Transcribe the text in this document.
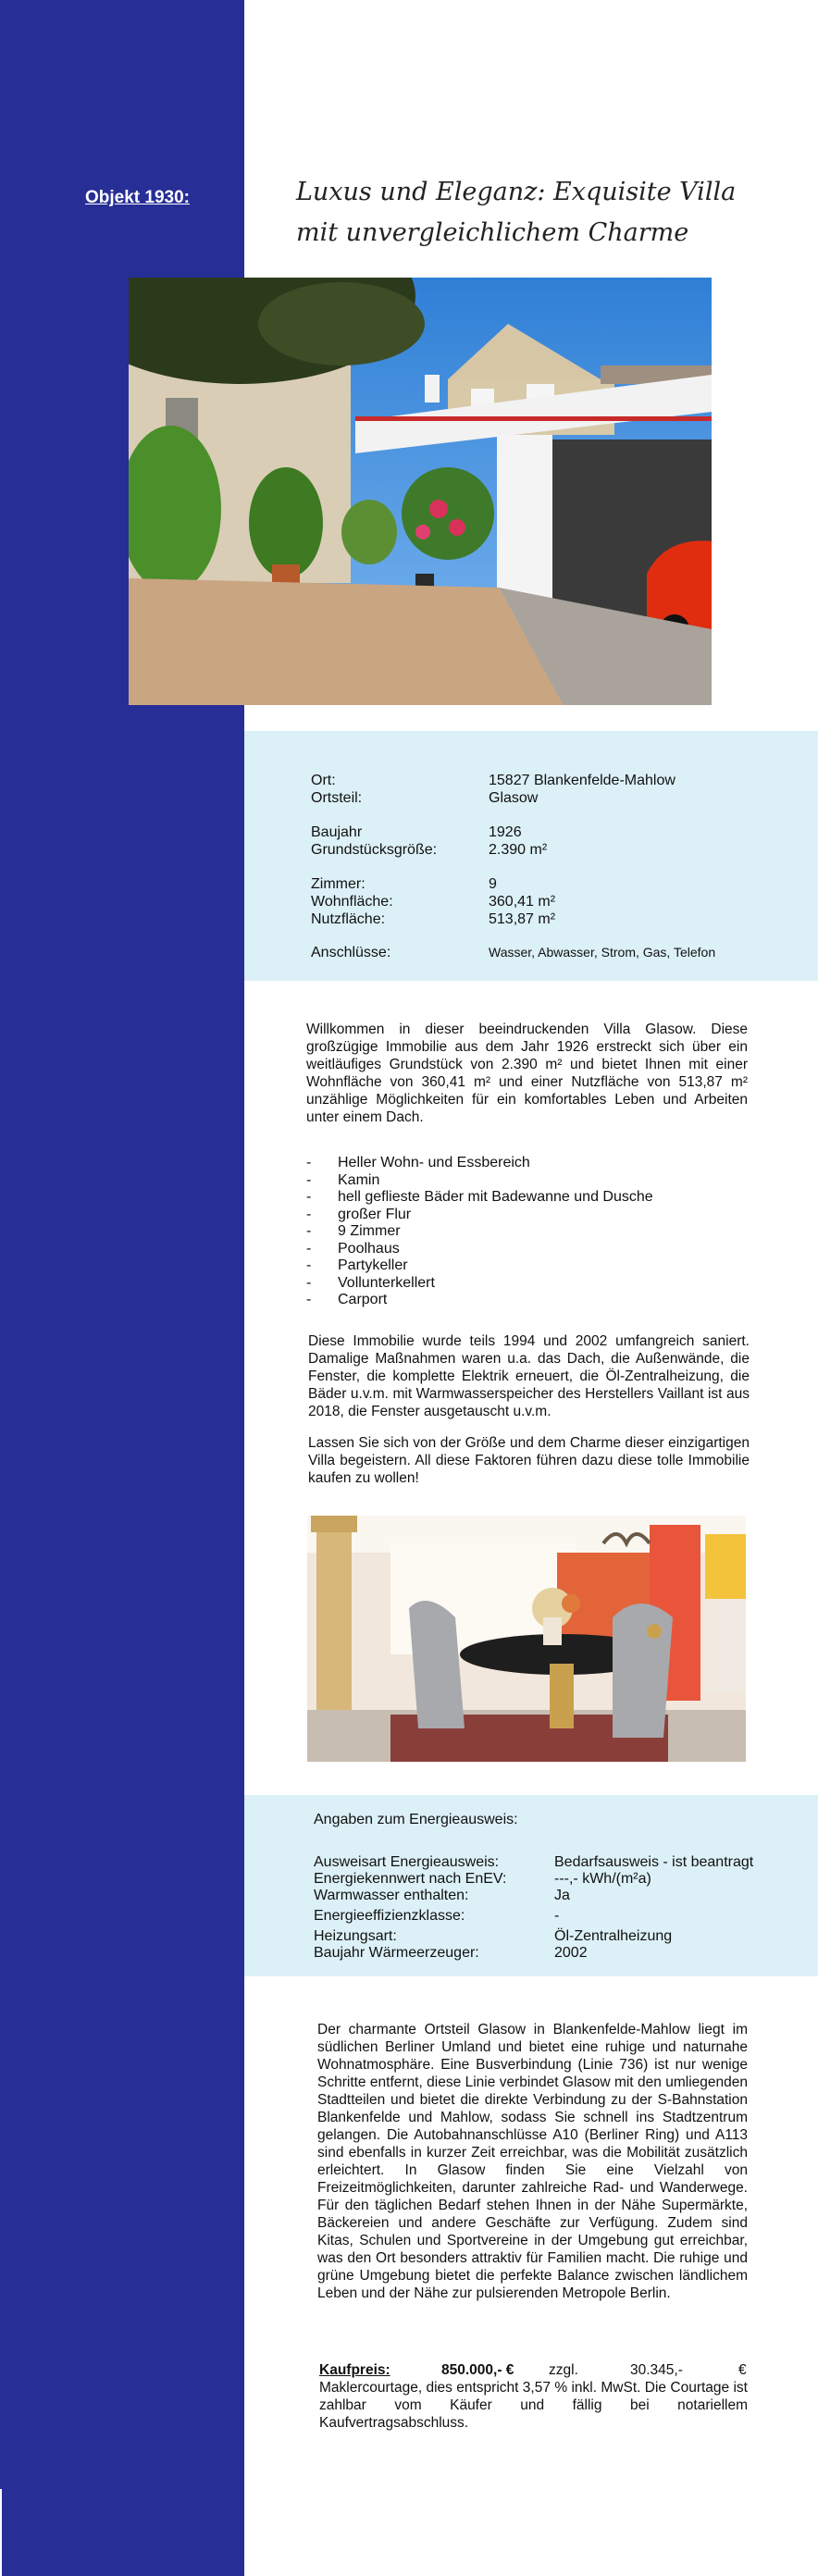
Objekt 1930:	Luxus und Eleganz: Exquisite Villa mit unvergleichlichem Charme
Ort:	15827 Blankenfelde-Mahlow
Ortsteil:	Glasow
Baujahr	1926
Grundstücksgröße:	2.390 m²
Zimmer:	9
Wohnfläche:	360,41 m²
Nutzfläche:	513,87 m²
Anschlüsse:	Wasser, Abwasser, Strom, Gas, Telefon

Willkommen in dieser beeindruckenden Villa Glasow. Diese großzügige Immobilie aus dem Jahr 1926 erstreckt sich über ein weitläufiges Grundstück von 2.390 m² und bietet Ihnen mit einer Wohnfläche von 360,41 m² und einer Nutzfläche von 513,87 m² unzählige Möglichkeiten für ein komfortables Leben und Arbeiten unter einem Dach.

- Heller Wohn- und Essbereich
- Kamin
- hell geflieste Bäder mit Badewanne und Dusche
- großer Flur
- 9 Zimmer
- Poolhaus
- Partykeller
- Vollunterkellert
- Carport

Diese Immobilie wurde teils 1994 und 2002 umfangreich saniert. Damalige Maßnahmen waren u.a. das Dach, die Außenwände, die Fenster, die komplette Elektrik erneuert, die Öl-Zentralheizung, die Bäder u.v.m. mit Warmwasserspeicher des Herstellers Vaillant ist aus 2018, die Fenster ausgetauscht u.v.m.

Lassen Sie sich von der Größe und dem Charme dieser einzigartigen Villa begeistern. All diese Faktoren führen dazu diese tolle Immobilie kaufen zu wollen!

Angaben zum Energieausweis:
Ausweisart Energieausweis:	Bedarfsausweis - ist beantragt
Energiekennwert nach EnEV:	---,- kWh/(m²a)
Warmwasser enthalten:	Ja
Energieeffizienzklasse:	-
Heizungsart:	Öl-Zentralheizung
Baujahr Wärmeerzeuger:	2002

Der charmante Ortsteil Glasow in Blankenfelde-Mahlow liegt im südlichen Berliner Umland und bietet eine ruhige und naturnahe Wohnatmosphäre. Eine Busverbindung (Linie 736) ist nur wenige Schritte entfernt, diese Linie verbindet Glasow mit den umliegenden Stadtteilen und bietet die direkte Verbindung zu der S-Bahnstation Blankenfelde und Mahlow, sodass Sie schnell ins Stadtzentrum gelangen. Die Autobahnanschlüsse A10 (Berliner Ring) und A113 sind ebenfalls in kurzer Zeit erreichbar, was die Mobilität zusätzlich erleichtert. In Glasow finden Sie eine Vielzahl von Freizeitmöglichkeiten, darunter zahlreiche Rad- und Wanderwege. Für den täglichen Bedarf stehen Ihnen in der Nähe Supermärkte, Bäckereien und andere Geschäfte zur Verfügung. Zudem sind Kitas, Schulen und Sportvereine in der Umgebung gut erreichbar, was den Ort besonders attraktiv für Familien macht. Die ruhige und grüne Umgebung bietet die perfekte Balance zwischen ländlichem Leben und der Nähe zur pulsierenden Metropole Berlin.

Kaufpreis:	850.000,- € zzgl.	30.345,-	€
Maklercourtage, dies entspricht 3,57 % inkl. MwSt. Die Courtage ist zahlbar vom Käufer und fällig bei notariellem Kaufvertragsabschluss.
